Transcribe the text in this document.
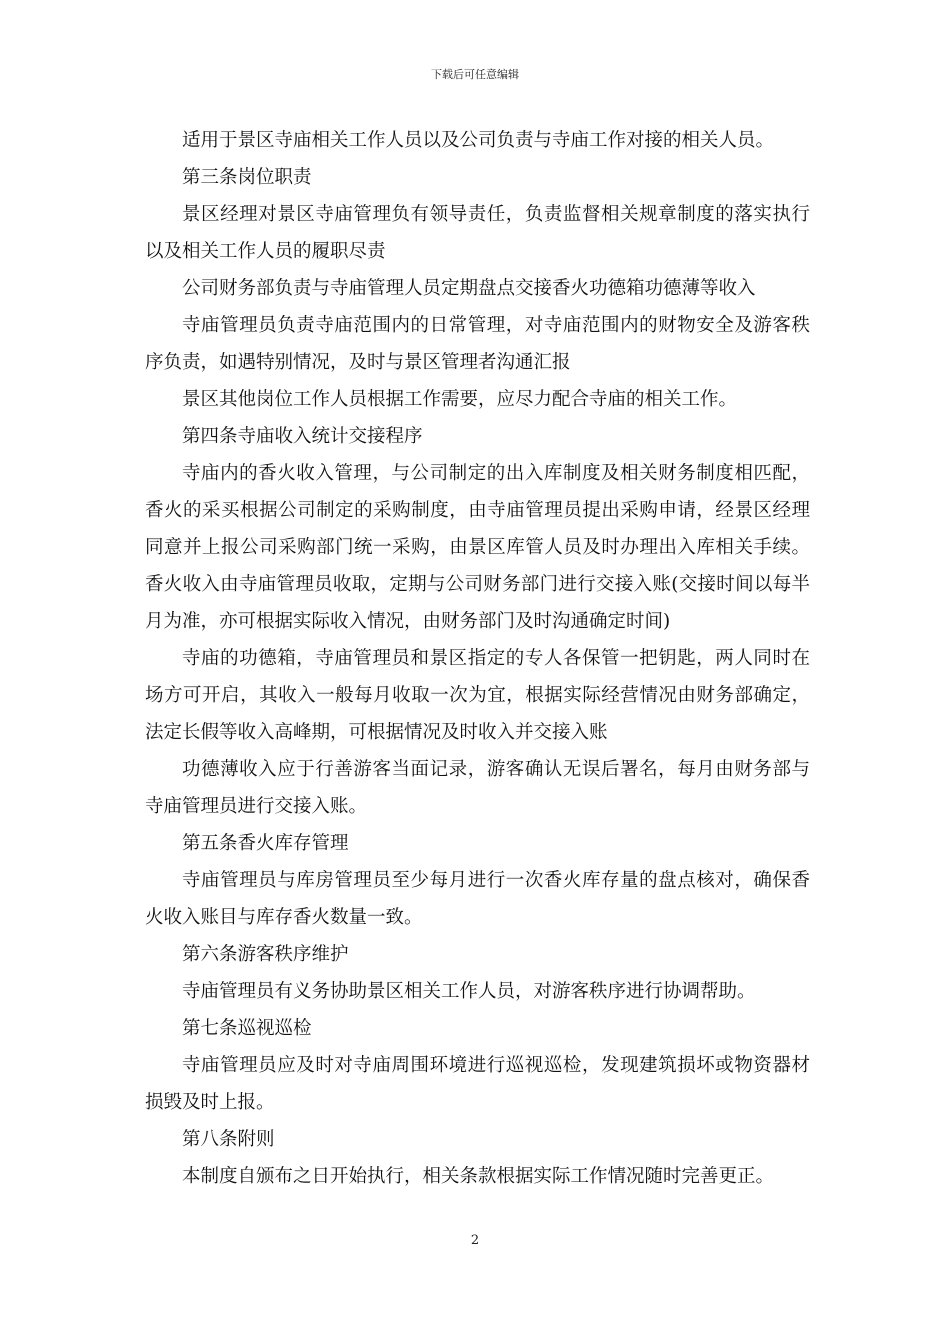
下载后可任意编辑

适用于景区寺庙相关工作人员以及公司负责与寺庙工作对接的相关人员。

第三条岗位职责

景区经理对景区寺庙管理负有领导责任，负责监督相关规章制度的落实执行以及相关工作人员的履职尽责

公司财务部负责与寺庙管理人员定期盘点交接香火功德箱功德薄等收入

寺庙管理员负责寺庙范围内的日常管理，对寺庙范围内的财物安全及游客秩序负责，如遇特别情况，及时与景区管理者沟通汇报

景区其他岗位工作人员根据工作需要，应尽力配合寺庙的相关工作。

第四条寺庙收入统计交接程序

寺庙内的香火收入管理，与公司制定的出入库制度及相关财务制度相匹配，香火的采买根据公司制定的采购制度，由寺庙管理员提出采购申请，经景区经理同意并上报公司采购部门统一采购，由景区库管人员及时办理出入库相关手续。香火收入由寺庙管理员收取，定期与公司财务部门进行交接入账(交接时间以每半月为准，亦可根据实际收入情况，由财务部门及时沟通确定时间)

寺庙的功德箱，寺庙管理员和景区指定的专人各保管一把钥匙，两人同时在场方可开启，其收入一般每月收取一次为宜，根据实际经营情况由财务部确定，法定长假等收入高峰期，可根据情况及时收入并交接入账

功德薄收入应于行善游客当面记录，游客确认无误后署名，每月由财务部与寺庙管理员进行交接入账。

第五条香火库存管理

寺庙管理员与库房管理员至少每月进行一次香火库存量的盘点核对，确保香火收入账目与库存香火数量一致。

第六条游客秩序维护

寺庙管理员有义务协助景区相关工作人员，对游客秩序进行协调帮助。

第七条巡视巡检

寺庙管理员应及时对寺庙周围环境进行巡视巡检，发现建筑损坏或物资器材损毁及时上报。

第八条附则

本制度自颁布之日开始执行，相关条款根据实际工作情况随时完善更正。

2
